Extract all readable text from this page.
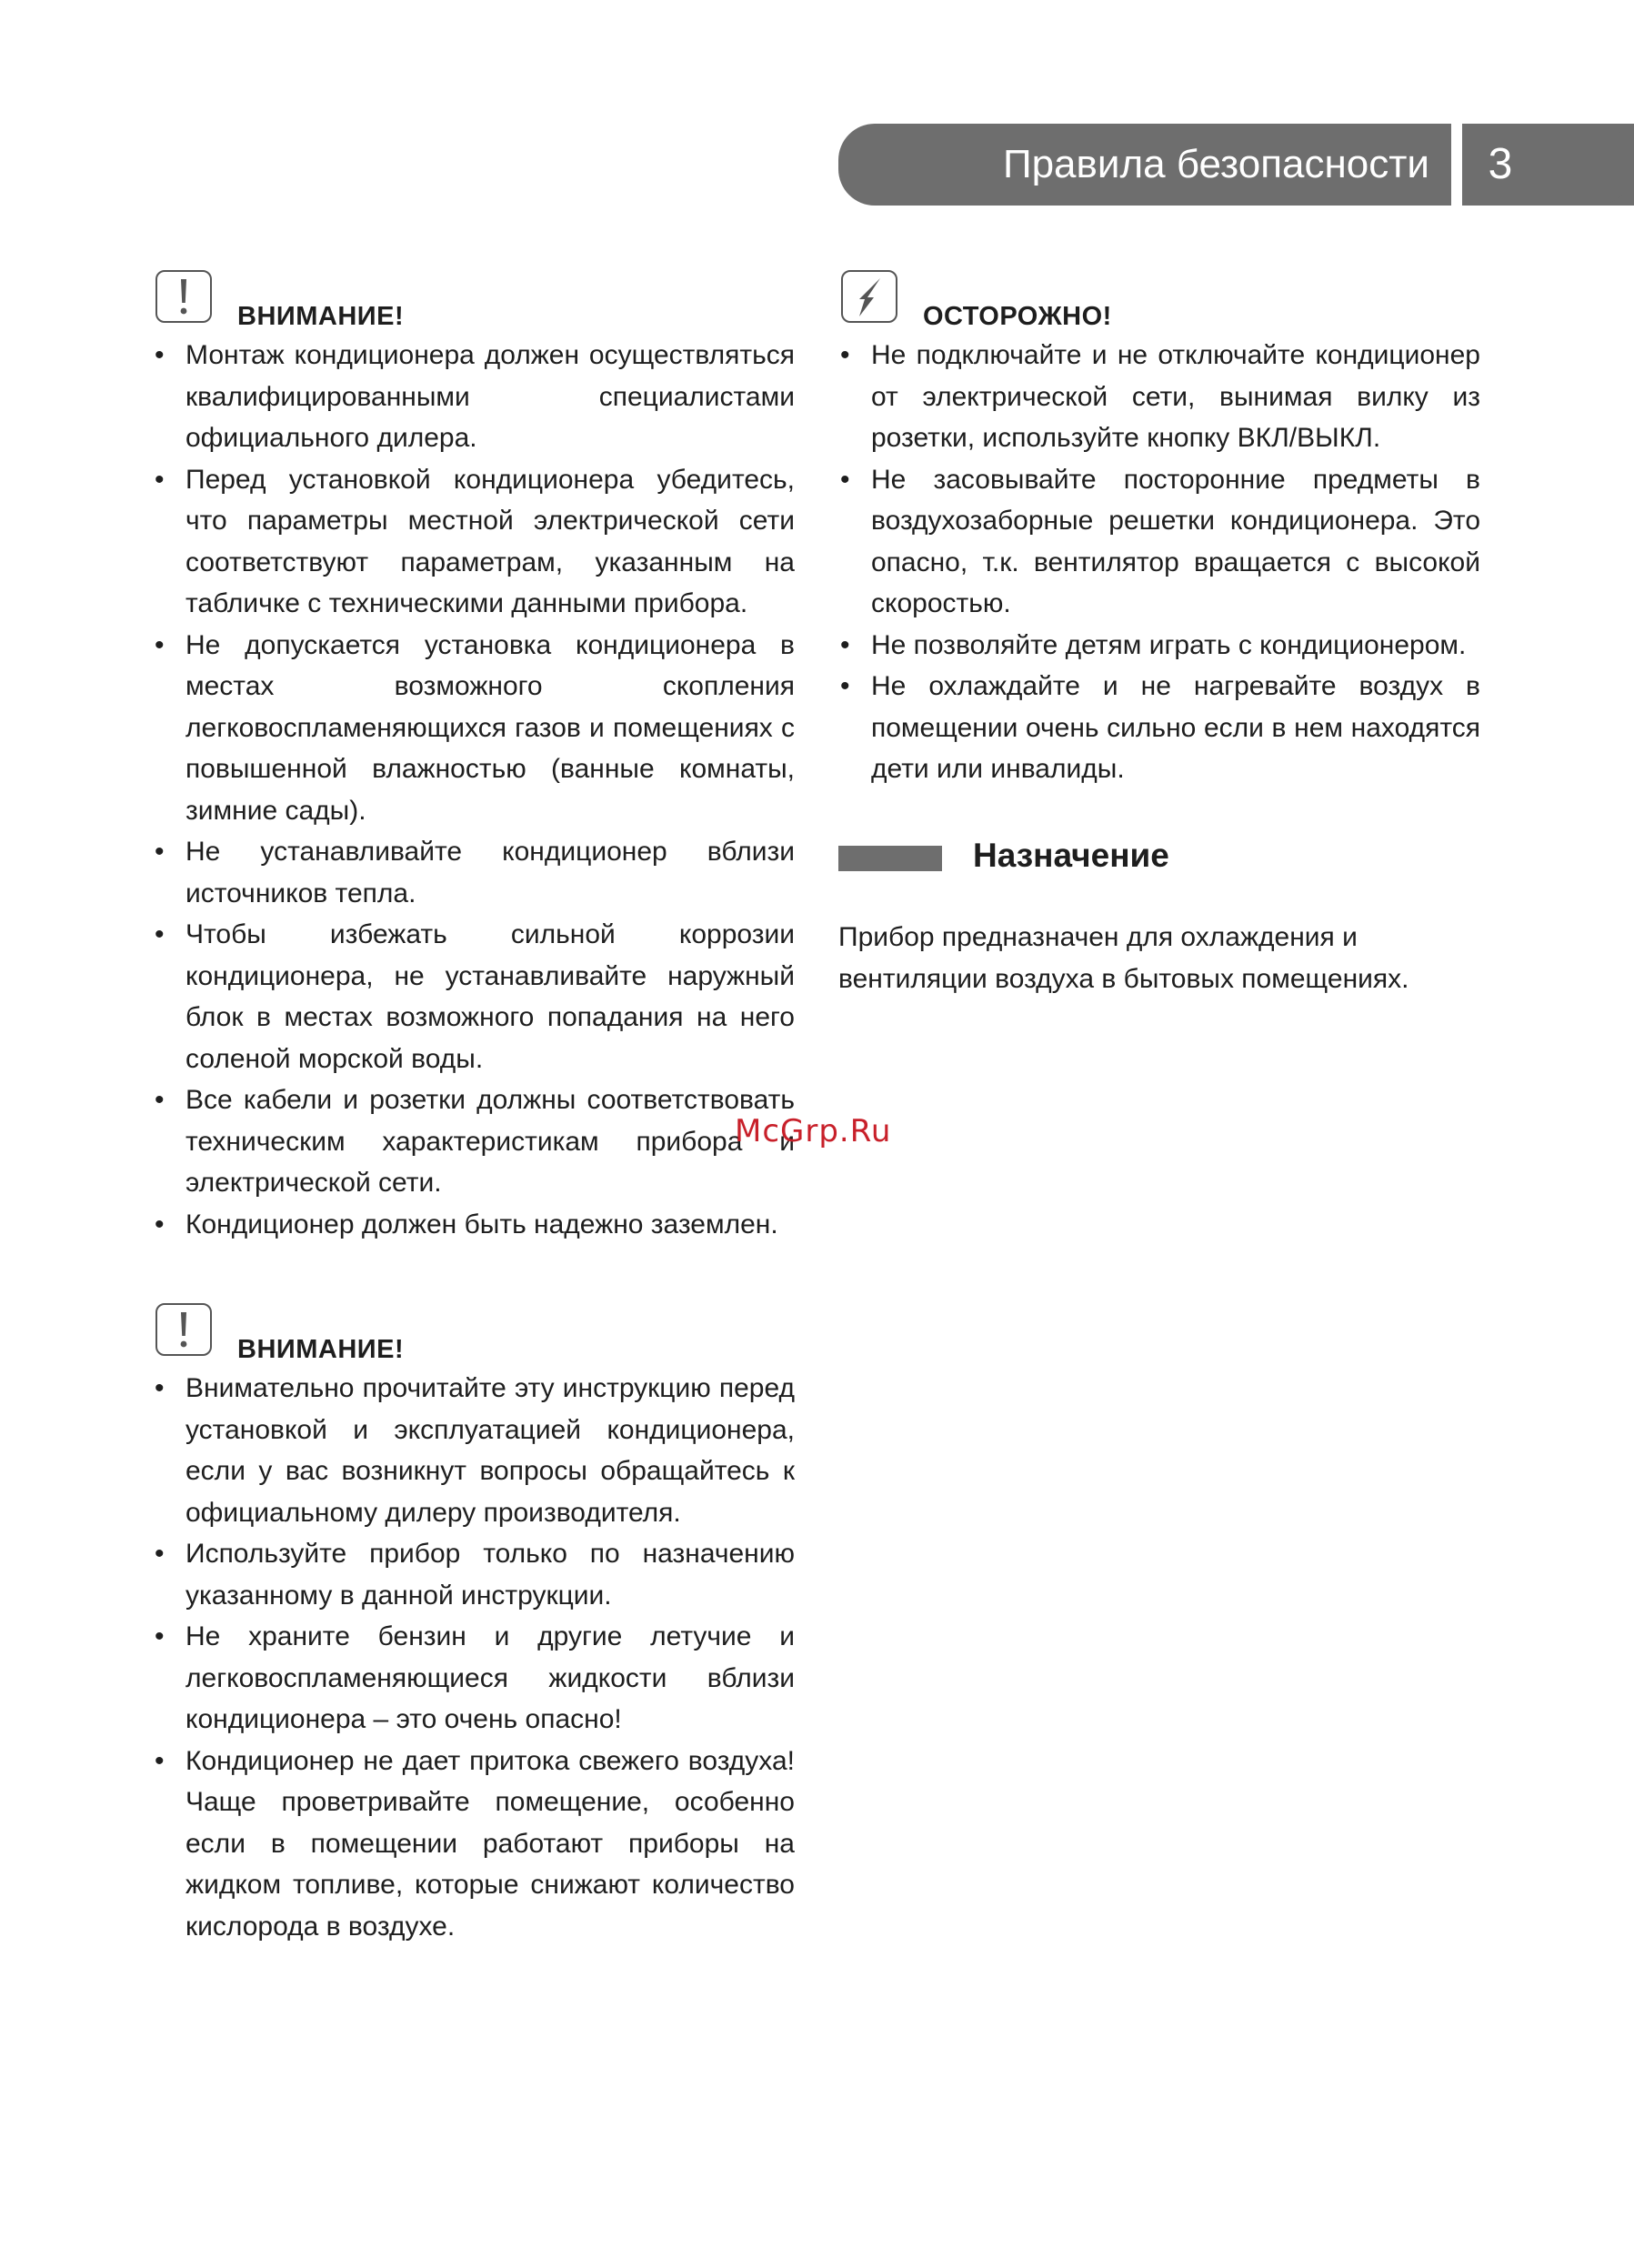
Правила безопасности	3
ВНИМАНИЕ!
• Монтаж кондиционера должен осуществляться квалифицированными специалистами официального дилера.
• Перед установкой кондиционера убедитесь, что параметры местной электрической сети соответствуют параметрам, указанным на табличке с техническими данными прибора.
• Не допускается установка кондиционера в местах возможного скопления легковоспламеняющихся газов и помещениях с повышенной влажностью (ванные комнаты, зимние сады).
• Не устанавливайте кондиционер вблизи источников тепла.
• Чтобы избежать сильной коррозии кондиционера, не устанавливайте наружный блок в местах возможного попадания на него соленой морской воды.
• Все кабели и розетки должны соответствовать техническим характеристикам прибора и электрической сети.
• Кондиционер должен быть надежно заземлен.
ВНИМАНИЕ!
• Внимательно прочитайте эту инструкцию перед установкой и эксплуатацией кондиционера, если у вас возникнут вопросы обращайтесь к официальному дилеру производителя.
• Используйте прибор только по назначению указанному в данной инструкции.
• Не храните бензин и другие летучие и легковоспламеняющиеся жидкости вблизи кондиционера – это очень опасно!
• Кондиционер не дает притока свежего воздуха! Чаще проветривайте помещение, особенно если в помещении работают приборы на жидком топливе, которые снижают количество кислорода в воздухе.
ОСТОРОЖНО!
• Не подключайте и не отключайте кондиционер от электрической сети, вынимая вилку из розетки, используйте кнопку ВКЛ/ВЫКЛ.
• Не засовывайте посторонние предметы в воздухозаборные решетки кондиционера. Это опасно, т.к. вентилятор вращается с высокой скоростью.
• Не позволяйте детям играть с кондиционером.
• Не охлаждайте и не нагревайте воздух в помещении очень сильно если в нем находятся дети или инвалиды.
Назначение
Прибор предназначен для охлаждения и вентиляции воздуха в бытовых помещениях.
McGrp.Ru
